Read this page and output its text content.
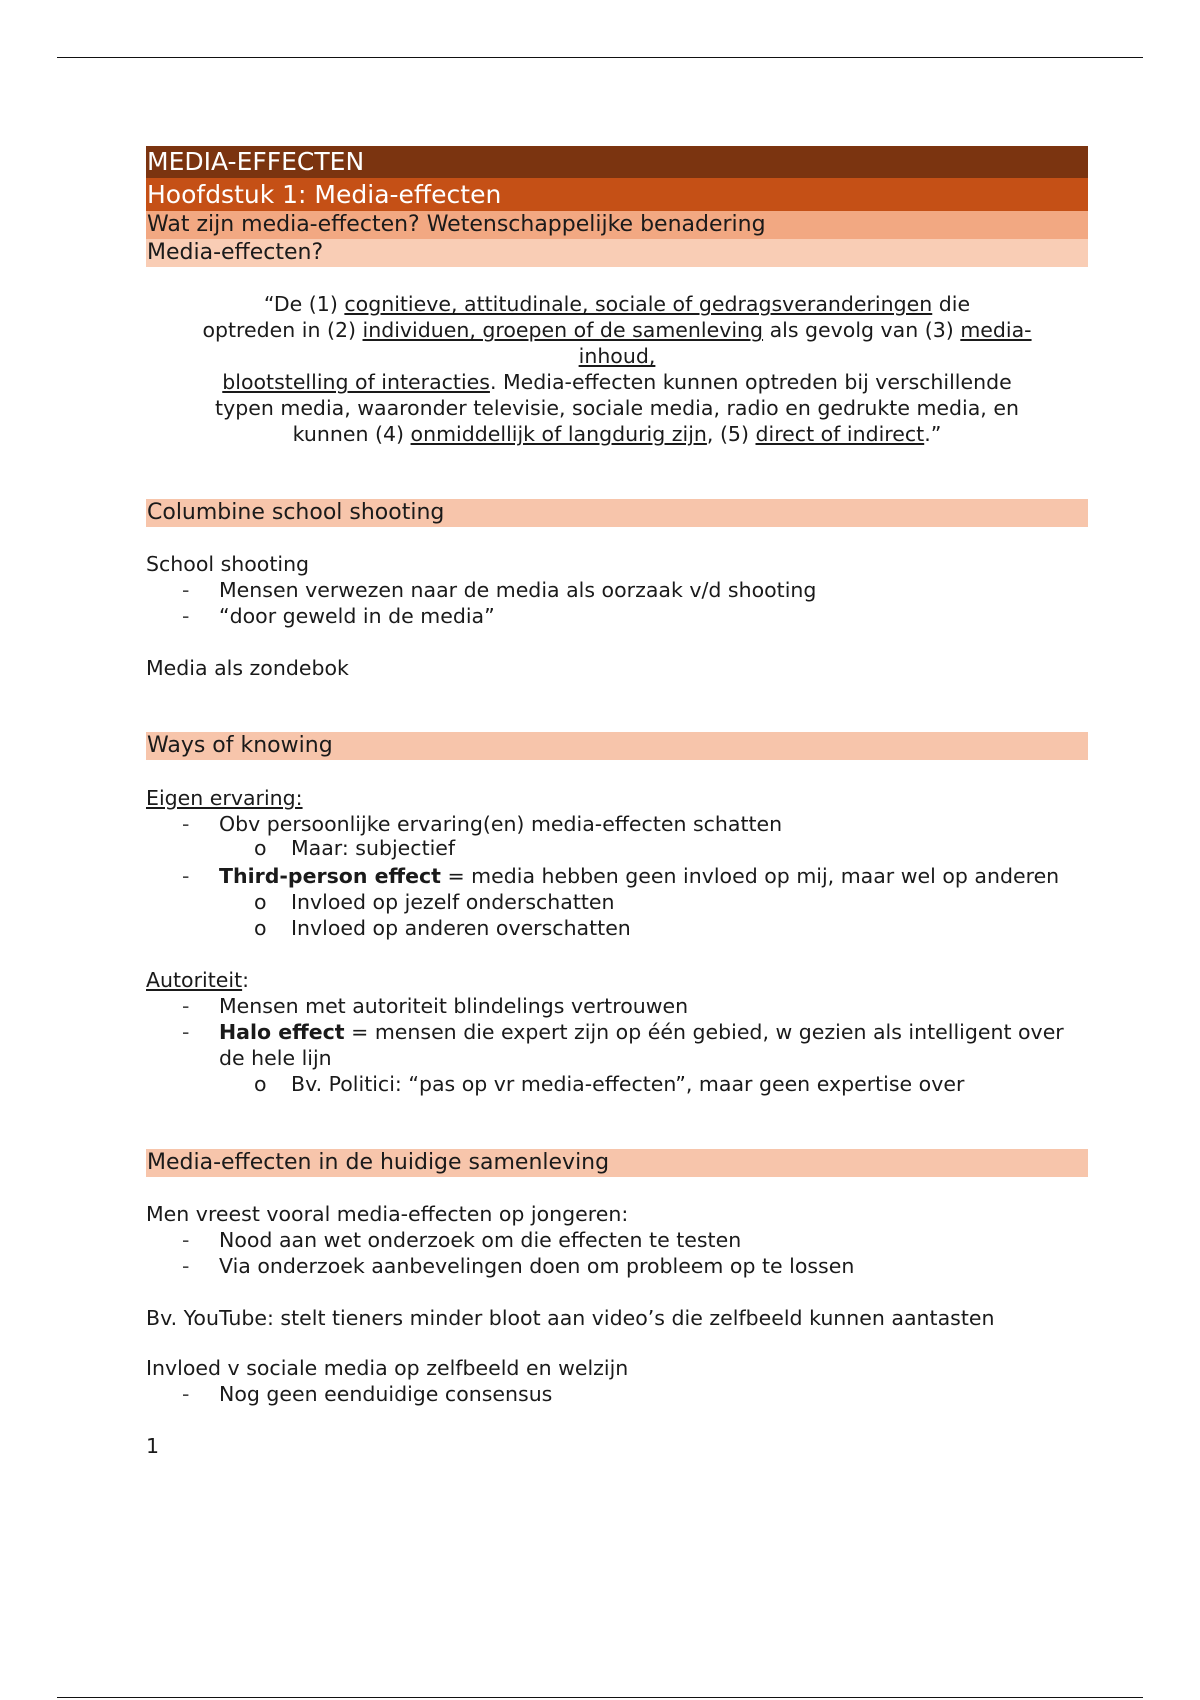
MEDIA-EFFECTEN
Hoofdstuk 1: Media-effecten
Wat zijn media-effecten? Wetenschappelijke benadering
Media-effecten?
“De (1) cognitieve, attitudinale, sociale of gedragsveranderingen die
optreden in (2) individuen, groepen of de samenleving als gevolg van (3) media-
inhoud,
blootstelling of interacties. Media-effecten kunnen optreden bij verschillende
typen media, waaronder televisie, sociale media, radio en gedrukte media, en
kunnen (4) onmiddellijk of langdurig zijn, (5) direct of indirect.”
Columbine school shooting

School shooting

- Mensen verwezen naar de media als oorzaak v/d shooting
- “door geweld in de media”

Media als zondebok

Ways of knowing

Eigen ervaring:

- Obv persoonlijke ervaring(en) media-effecten schatten
o Maar: subjectief
- Third-person effect = media hebben geen invloed op mij, maar wel op anderen
o Invloed op jezelf onderschatten
o Invloed op anderen overschatten

Autoriteit:

- Mensen met autoriteit blindelings vertrouwen
- Halo effect = mensen die expert zijn op één gebied, w gezien als intelligent over de hele lijn
o Bv. Politici: “pas op vr media-effecten”, maar geen expertise over
Media-effecten in de huidige samenleving

Men vreest vooral media-effecten op jongeren:

- Nood aan wet onderzoek om die effecten te testen
- Via onderzoek aanbevelingen doen om probleem op te lossen

Bv. YouTube: stelt tieners minder bloot aan video’s die zelfbeeld kunnen aantasten

Invloed v sociale media op zelfbeeld en welzijn

- Nog geen eenduidige consensus
1
